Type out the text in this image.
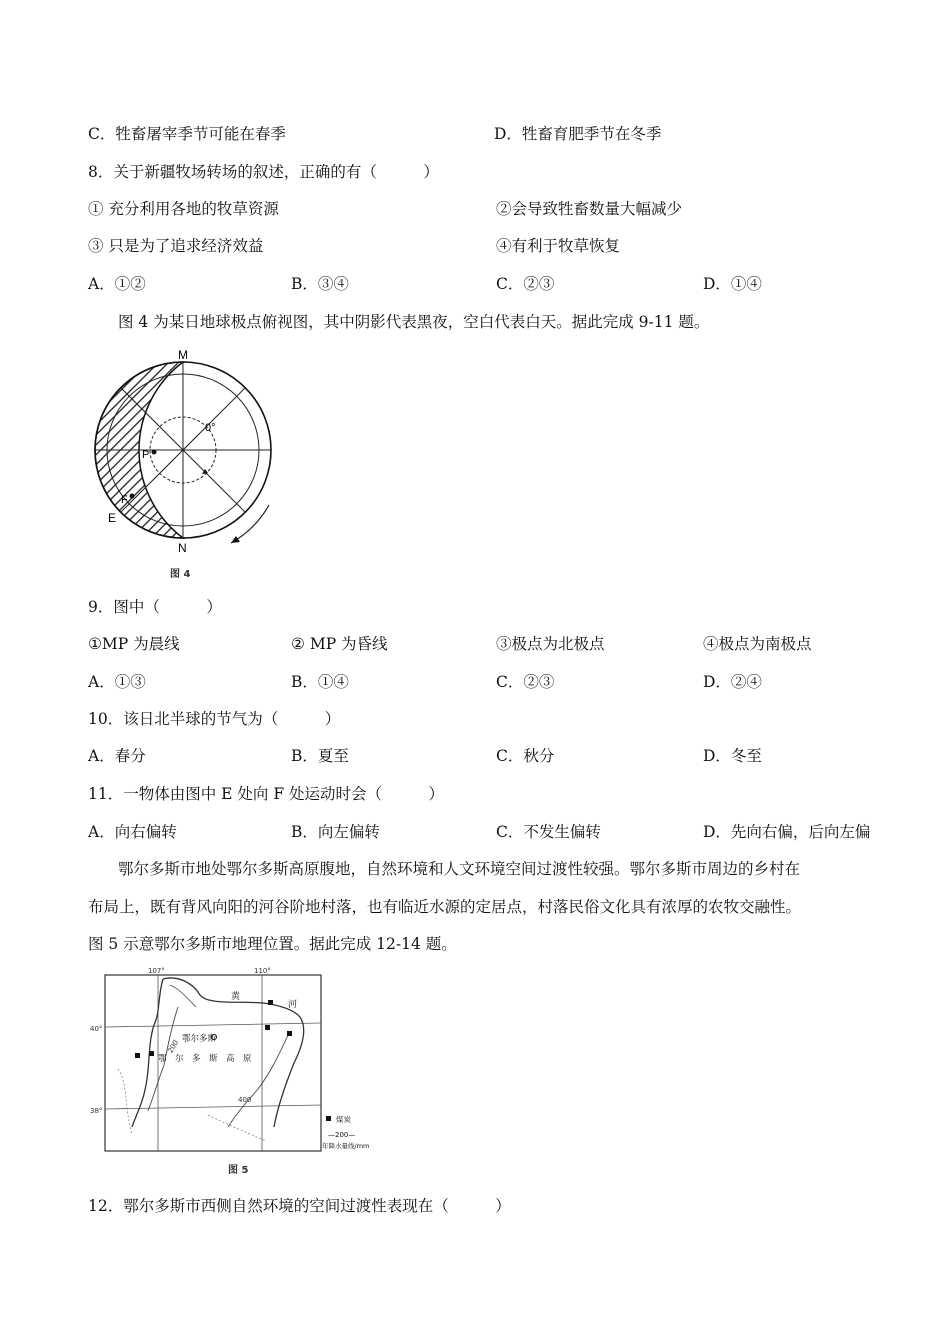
C．牲畜屠宰季节可能在春季	D．牲畜育肥季节在冬季
8．关于新疆牧场转场的叙述，正确的有（　　　）
① 充分利用各地的牧草资源	②会导致牲畜数量大幅减少
③ 只是为了追求经济效益	④有利于牧草恢复
A．①②	B．③④	C．②③	D．①④
图 4 为某日地球极点俯视图，其中阴影代表黑夜，空白代表白天。据此完成 9-11 题。
M
N
P
F
E
0°
图 4
9．图中（　　　）
①MP 为晨线	② MP 为昏线	③极点为北极点	④极点为南极点
A．①③	B．①④	C．②③	D．②④
10．该日北半球的节气为（　　　）
A．春分	B．夏至	C．秋分	D．冬至
11．一物体由图中 E 处向 F 处运动时会（　　　）
A．向右偏转	B．向左偏转	C．不发生偏转	D．先向右偏，后向左偏
鄂尔多斯市地处鄂尔多斯高原腹地，自然环境和人文环境空间过渡性较强。鄂尔多斯市周边的乡村在
布局上，既有背风向阳的河谷阶地村落，也有临近水源的定居点，村落民俗文化具有浓厚的农牧交融性。
图 5 示意鄂尔多斯市地理位置。据此完成 12-14 题。
107°	110°
40°
38°
鄂尔多斯
鄂　尔　多　斯　高　原
黄
河
200
400
煤炭
—200—
年降水量线/mm
图 5
12．鄂尔多斯市西侧自然环境的空间过渡性表现在（　　　）
